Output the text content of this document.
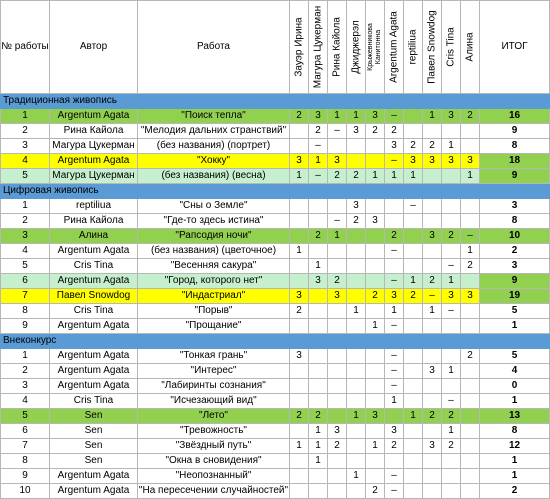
№ работы	Автор	Работа	Зауэр Ирина	Магура Цукерман	Рина Кайола	Джиджерэл	Крыжевникова Канитонна	Argentum Agata	reptiliua	Павел Snowdog	Cris Tina	Алина	ИТОГ
Традиционная живопись													
1	Argentum Agata	"Поиск тепла"	2	3	1	1	3	–		1	3	2	16
2	Рина Кайола	"Мелодия дальних странствий"		2	–	3	2	2					9
3	Магура Цукерман	(без названия) (портрет)		–				3	2	2	1		8
4	Argentum Agata	"Хокку"	3	1	3			–	3	3	3	3	18
5	Магура Цукерман	(без названия) (весна)	1	–	2	2	1	1	1			1	9
Цифровая живопись													
1	reptiliua	"Сны о Земле"				3			–				3
2	Рина Кайола	"Где-то здесь истина"			–	2	3						8
3	Алина	"Рапсодия ночи"		2	1			2		3	2	–	10
4	Argentum Agata	(без названия) (цветочное)	1					–				1	2
5	Cris Tina	"Весенняя сакура"		1							–	2	3
6	Argentum Agata	"Город, которого нет"		3	2			–	1	2	1		9
7	Павел Snowdog	"Индастриал"	3		3		2	3	2	–	3	3	19
8	Cris Tina	"Порыв"	2			1		1		1	–		5
9	Argentum Agata	"Прощание"					1	–					1
Внеконкурс													
1	Argentum Agata	"Тонкая грань"	3					–				2	5
2	Argentum Agata	"Интерес"						–		3	1		4
3	Argentum Agata	"Лабиринты сознания"						–					0
4	Cris Tina	"Исчезающий вид"						1			–		1
5	Sen	"Лето"	2	2		1	3		1	2	2		13
6	Sen	"Тревожность"		1	3			3			1		8
7	Sen	"Звёздный путь"	1	1	2		1	2		3	2		12
8	Sen	"Окна в сновидения"		1									1
9	Argentum Agata	"Неопознанный"				1		–					1
10	Argentum Agata	"На пересечении случайностей"					2	–					2
